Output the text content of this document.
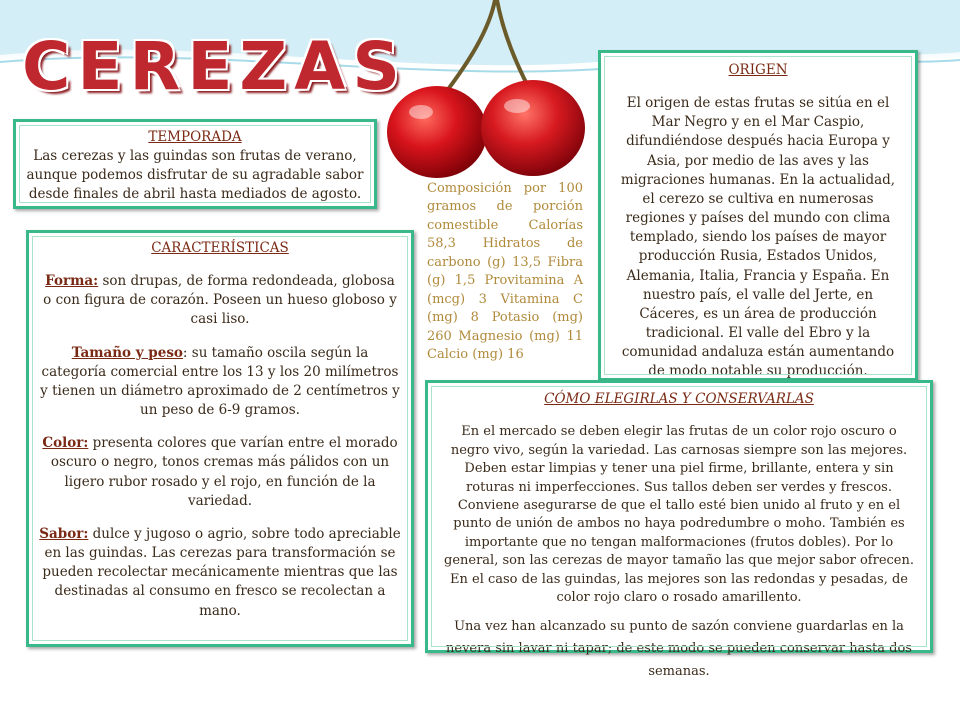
CEREZAS
TEMPORADA
Las cerezas y las guindas son frutas de verano, aunque podemos disfrutar de su agradable sabor desde finales de abril hasta mediados de agosto.
CARACTERÍSTICAS
Forma: son drupas, de forma redondeada, globosa o con figura de corazón. Poseen un hueso globoso y casi liso.
Tamaño y peso: su tamaño oscila según la categoría comercial entre los 13 y los 20 milímetros y tienen un diámetro aproximado de 2 centímetros y un peso de 6-9 gramos.
Color: presenta colores que varían entre el morado oscuro o negro, tonos cremas más pálidos con un ligero rubor rosado y el rojo, en función de la variedad.
Sabor: dulce y jugoso o agrio, sobre todo apreciable en las guindas. Las cerezas para transformación se pueden recolectar mecánicamente mientras que las destinadas al consumo en fresco se recolectan a mano.
Composición por 100 gramos de porción comestible Calorías 58,3 Hidratos de carbono (g) 13,5 Fibra (g) 1,5 Provitamina A (mcg) 3 Vitamina C (mg) 8 Potasio (mg) 260 Magnesio (mg) 11 Calcio (mg) 16
ORIGEN
El origen de estas frutas se sitúa en el Mar Negro y en el Mar Caspio, difundiéndose después hacia Europa y Asia, por medio de las aves y las migraciones humanas. En la actualidad, el cerezo se cultiva en numerosas regiones y países del mundo con clima templado, siendo los países de mayor producción Rusia, Estados Unidos, Alemania, Italia, Francia y España. En nuestro país, el valle del Jerte, en Cáceres, es un área de producción tradicional. El valle del Ebro y la comunidad andaluza están aumentando de modo notable su producción.
CÓMO ELEGIRLAS Y CONSERVARLAS
En el mercado se deben elegir las frutas de un color rojo oscuro o negro vivo, según la variedad. Las carnosas siempre son las mejores. Deben estar limpias y tener una piel firme, brillante, entera y sin roturas ni imperfecciones. Sus tallos deben ser verdes y frescos. Conviene asegurarse de que el tallo esté bien unido al fruto y en el punto de unión de ambos no haya podredumbre o moho. También es importante que no tengan malformaciones (frutos dobles). Por lo general, son las cerezas de mayor tamaño las que mejor sabor ofrecen. En el caso de las guindas, las mejores son las redondas y pesadas, de color rojo claro o rosado amarillento.
Una vez han alcanzado su punto de sazón conviene guardarlas en la nevera sin lavar ni tapar; de este modo se pueden conservar hasta dos semanas.
